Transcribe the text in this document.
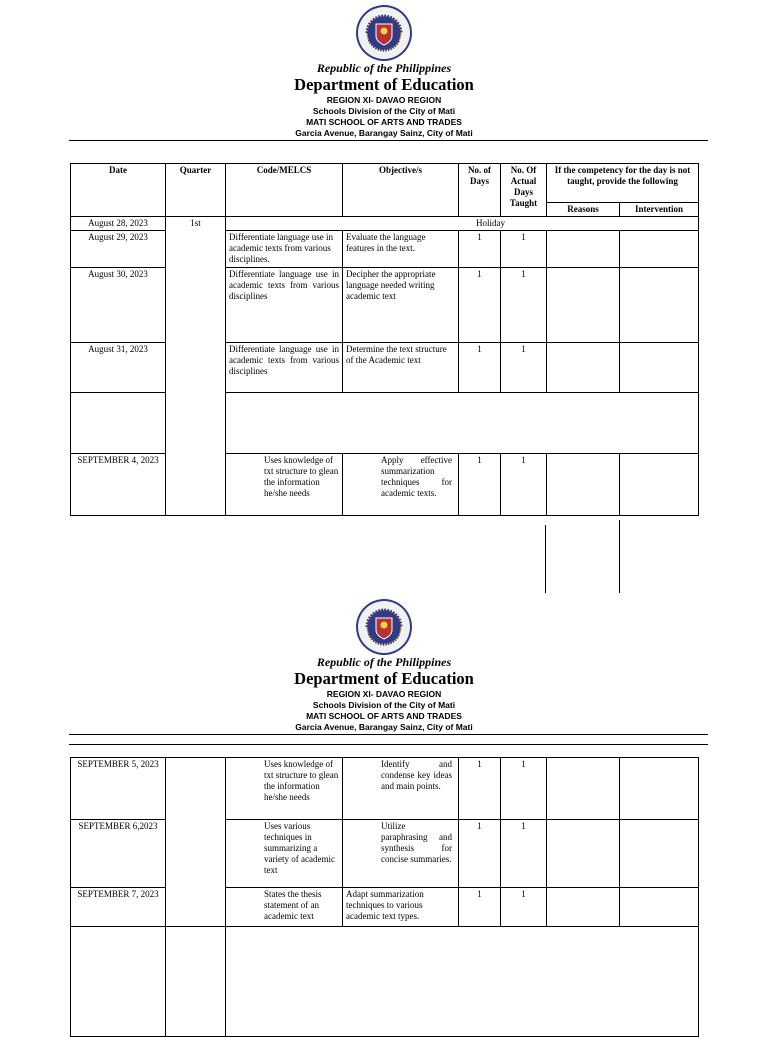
Republic of the Philippines
Department of Education
REGION XI- DAVAO REGION
Schools Division of the City of Mati
MATI SCHOOL OF ARTS AND TRADES
Garcia Avenue, Barangay Sainz, City of Mati
Date	Quarter	Code/MELCS	Objective/s	No. of Days	No. Of Actual Days Taught	If the competency for the day is not taught, provide the following	
						Reasons	Intervention
August 28, 2023	1st	Holiday					
August 29, 2023		Differentiate language use in academic texts from various disciplines.	Evaluate the language features in the text.	1	1		
August 30, 2023		Differentiate language use in academic texts from various disciplines	Decipher the appropriate language needed writing academic text	1	1		
August 31, 2023		Differentiate language use in academic texts from various disciplines	Determine the text structure of the Academic text	1	1		

SEPTEMBER 4, 2023		Uses knowledge of txt structure to glean the information he/she needs	Apply effective summarization techniques for academic texts.	1	1		
Republic of the Philippines
Department of Education
REGION XI- DAVAO REGION
Schools Division of the City of Mati
MATI SCHOOL OF ARTS AND TRADES
Garcia Avenue, Barangay Sainz, City of Mati
SEPTEMBER 5, 2023		Uses knowledge of txt structure to glean the information he/she needs	Identify and condense key ideas and main points.	1	1		
SEPTEMBER 6,2023		Uses various techniques in summarizing a variety of academic text	Utilize paraphrasing and synthesis for concise summaries.	1	1		
SEPTEMBER 7, 2023		States the thesis statement of an academic text	Adapt summarization techniques to various academic text types.	1	1		
